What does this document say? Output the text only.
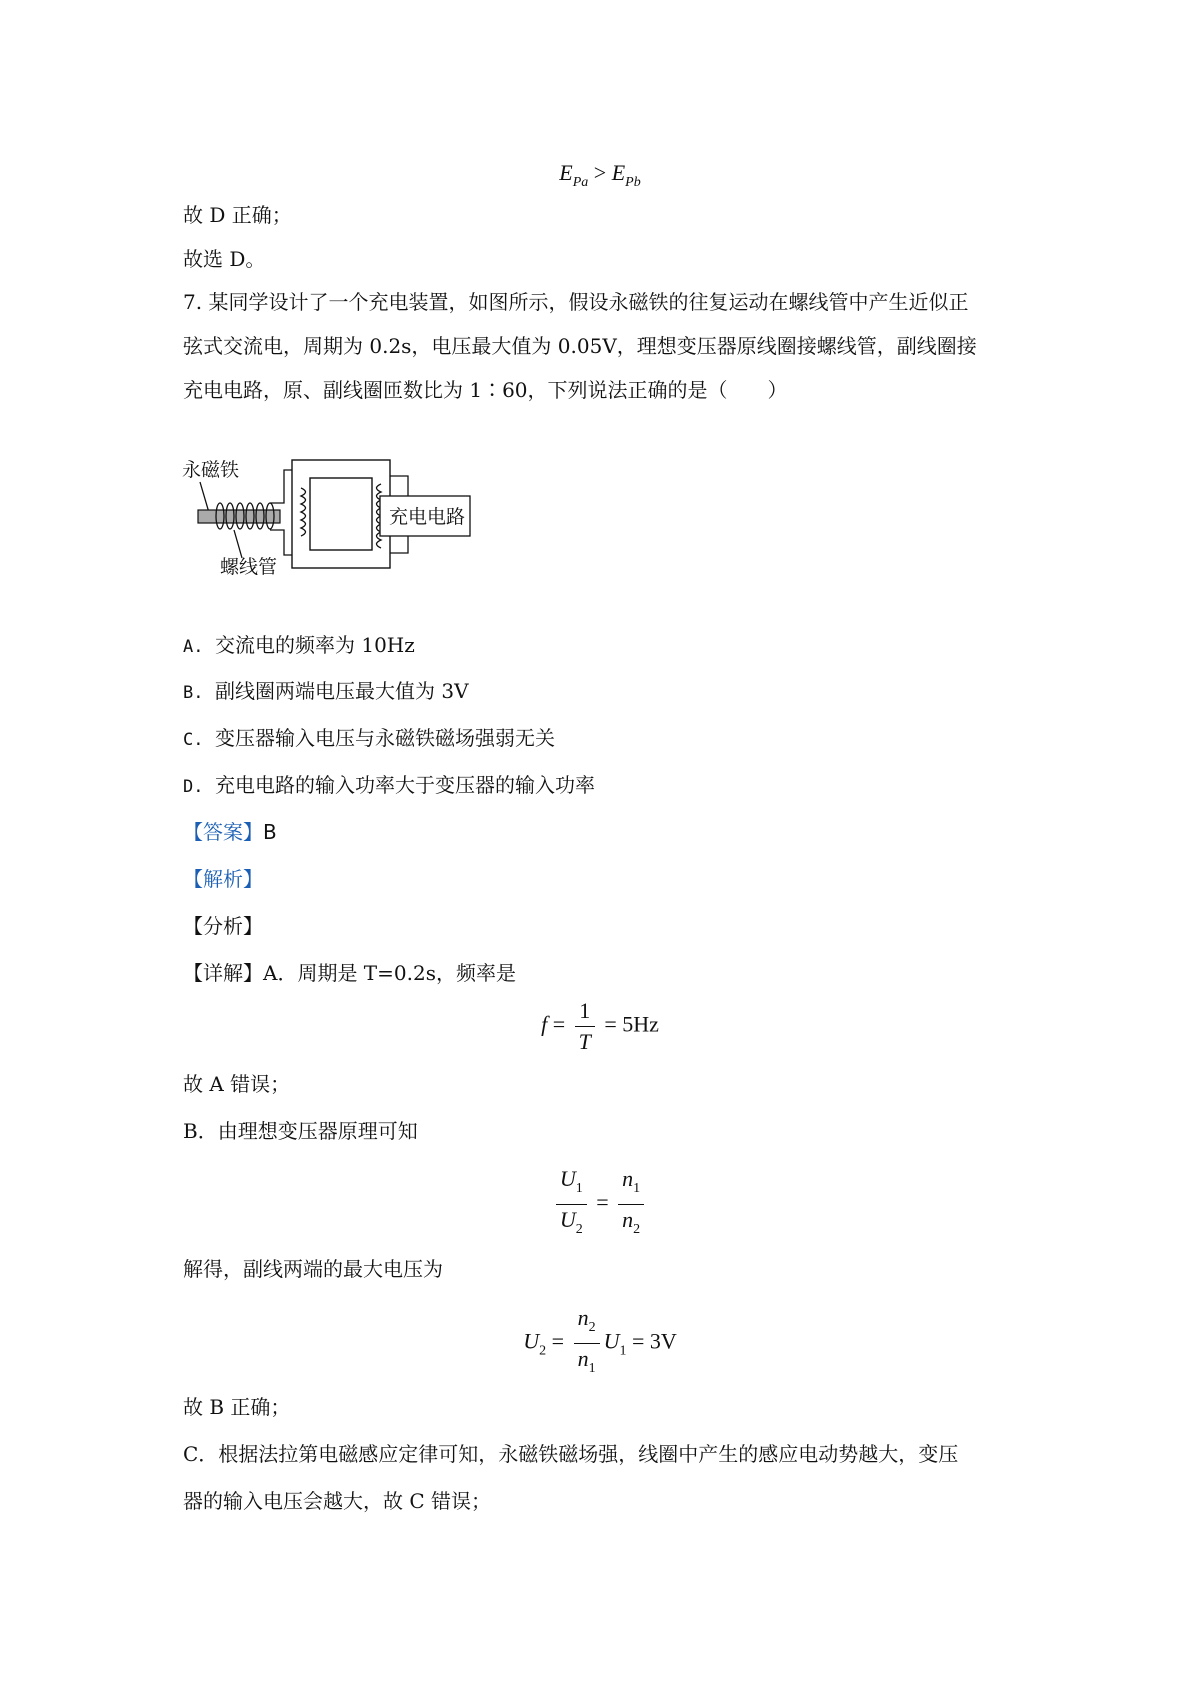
$E_{Pa} > E_{Pb}$
故 D 正确；
故选 D。
7. 某同学设计了一个充电装置，如图所示，假设永磁铁的往复运动在螺线管中产生近似正
弦式交流电，周期为 0.2s，电压最大值为 0.05V，理想变压器原线圈接螺线管，副线圈接
充电电路，原、副线圈匝数比为 1∶60，下列说法正确的是（　　）
永磁铁
螺线管
充电电路
A. 交流电的频率为 10Hz
B. 副线圈两端电压最大值为 3V
C. 变压器输入电压与永磁铁磁场强弱无关
D. 充电电路的输入功率大于变压器的输入功率
【答案】B
【解析】
【分析】
【详解】A．周期是 T=0.2s，频率是
$f = \frac{1}{T} = 5Hz$
故 A 错误；
B．由理想变压器原理可知
$\frac{U_1}{U_2} = \frac{n_1}{n_2}$
解得，副线两端的最大电压为
$U_2 = \frac{n_2}{n_1} U_1 = 3V$
故 B 正确；
C．根据法拉第电磁感应定律可知，永磁铁磁场强，线圈中产生的感应电动势越大，变压
器的输入电压会越大，故 C 错误；
